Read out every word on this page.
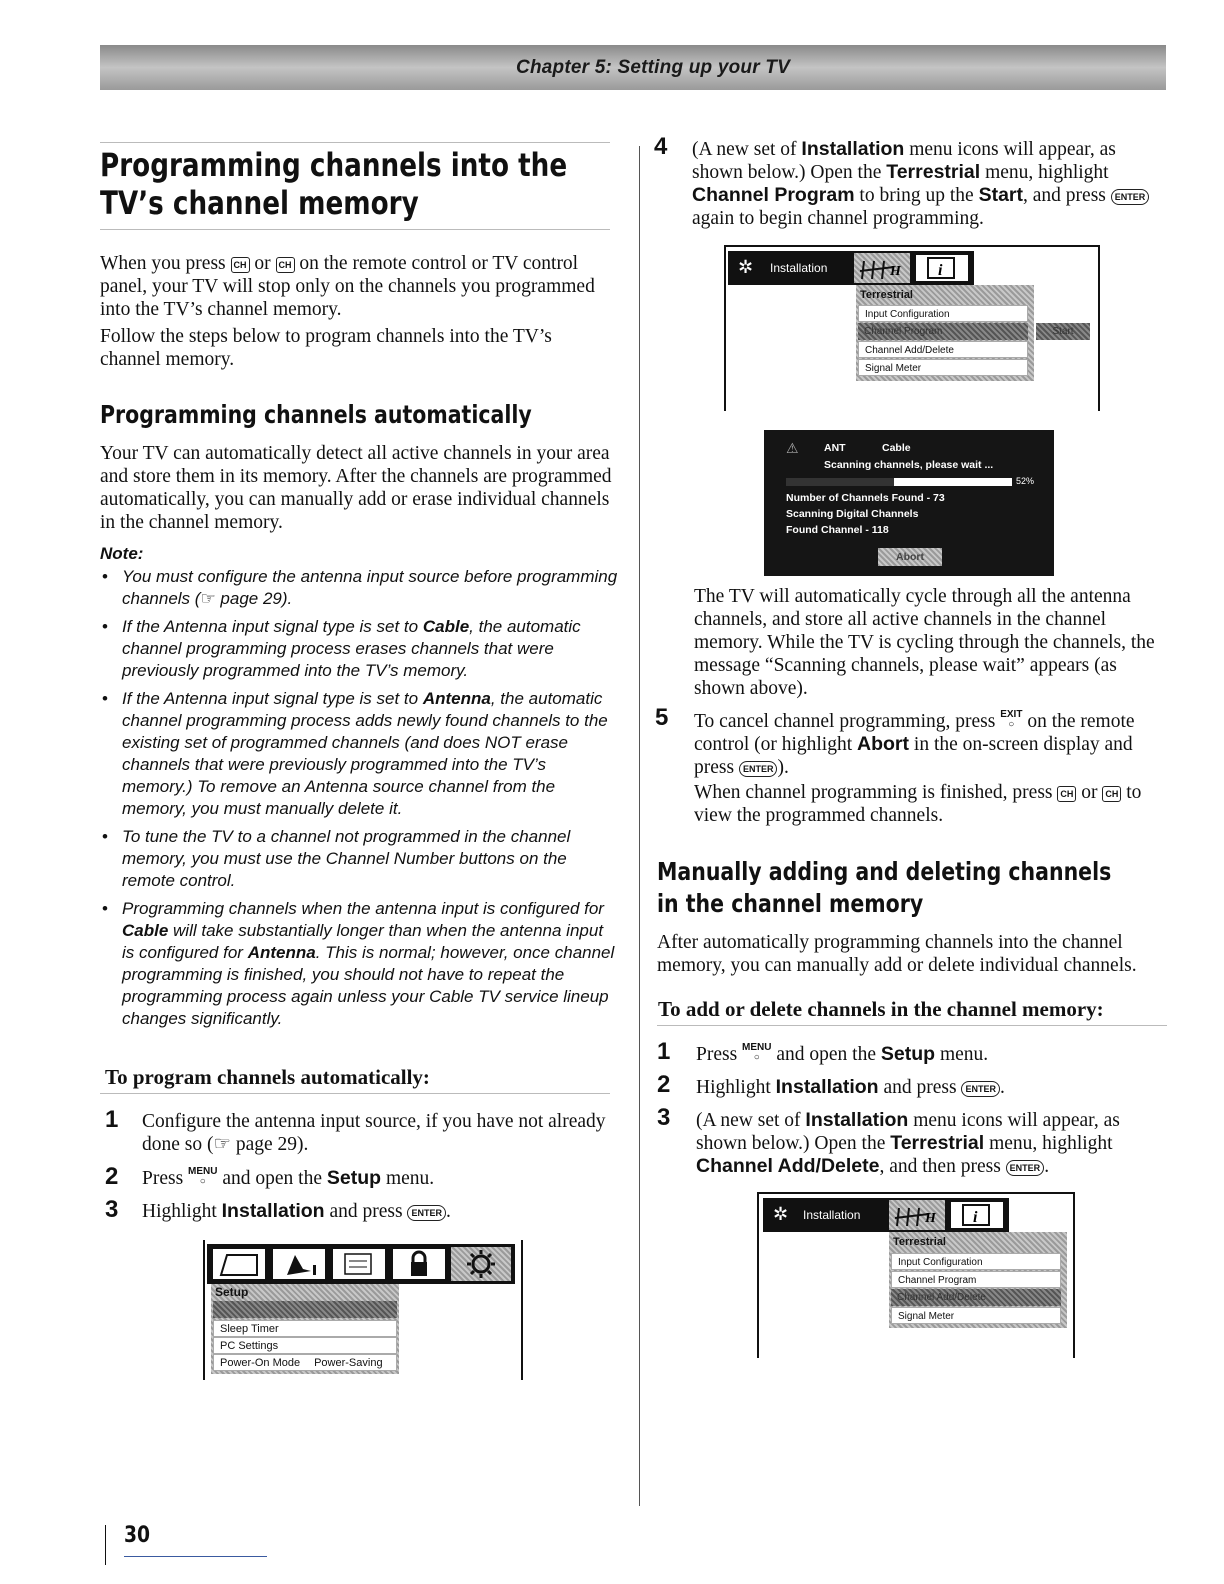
Chapter 5: Setting up your TV
Programming channels into the
TV’s channel memory

When you press CH or CH on the remote control or TV control panel, your TV will stop only on the channels you programmed into the TV’s channel memory.

Follow the steps below to program channels into the TV’s channel memory.

Programming channels automatically

Your TV can automatically detect all active channels in your area and store them in its memory. After the channels are programmed automatically, you can manually add or erase individual channels in the channel memory.

Note:
• You must configure the antenna input source before programming channels (☞ page 29).
• If the Antenna input signal type is set to Cable, the automatic channel programming process erases channels that were previously programmed into the TV’s memory.
• If the Antenna input signal type is set to Antenna, the automatic channel programming process adds newly found channels to the existing set of programmed channels (and does NOT erase channels that were previously programmed into the TV’s memory.) To remove an Antenna source channel from the memory, you must manually delete it.
• To tune the TV to a channel not programmed in the channel memory, you must use the Channel Number buttons on the remote control.
• Programming channels when the antenna input is configured for Cable will take substantially longer than when the antenna input is configured for Antenna. This is normal; however, once channel programming is finished, you should not have to repeat the programming process again unless your Cable TV service lineup changes significantly.
To program channels automatically:
1 Configure the antenna input source, if you have not already done so (☞ page 29).
2 Press MENU
○ and open the Setup menu.
3 Highlight Installation and press ENTER .
Setup
Sleep Timer
PC Settings
Power-On Mode Power-Saving
30
4 (A new set of Installation menu icons will appear, as shown below.) Open the Terrestrial menu, highlight Channel Program to bring up the Start, and press ENTER again to begin channel programming.
✲ Installation	H i
Terrestrial
Input Configuration
Channel Program	Start
Channel Add/Delete
Signal Meter
⚠ ANT	Cable
Scanning channels, please wait ...
52%
Number of Channels Found - 73
Scanning Digital Channels
Found Channel - 118
Abort
The TV will automatically cycle through all the antenna channels, and store all active channels in the channel memory. While the TV is cycling through the channels, the message “Scanning channels, please wait” appears (as shown above).
5 To cancel channel programming, press EXIT
○ on the remote control (or highlight Abort in the on-screen display and press ENTER ).

When channel programming is finished, press CH or CH to view the programmed channels.

Manually adding and deleting channels
in the channel memory
After automatically programming channels into the channel memory, you can manually add or delete individual channels.
To add or delete channels in the channel memory:
1 Press MENU
○ and open the Setup menu.
2 Highlight Installation and press ENTER .
3 (A new set of Installation menu icons will appear, as shown below.) Open the Terrestrial menu, highlight Channel Add/Delete, and then press ENTER .
✲ Installation	H i
Terrestrial
Input Configuration
Channel Program
Channel Add/Delete
Signal Meter
